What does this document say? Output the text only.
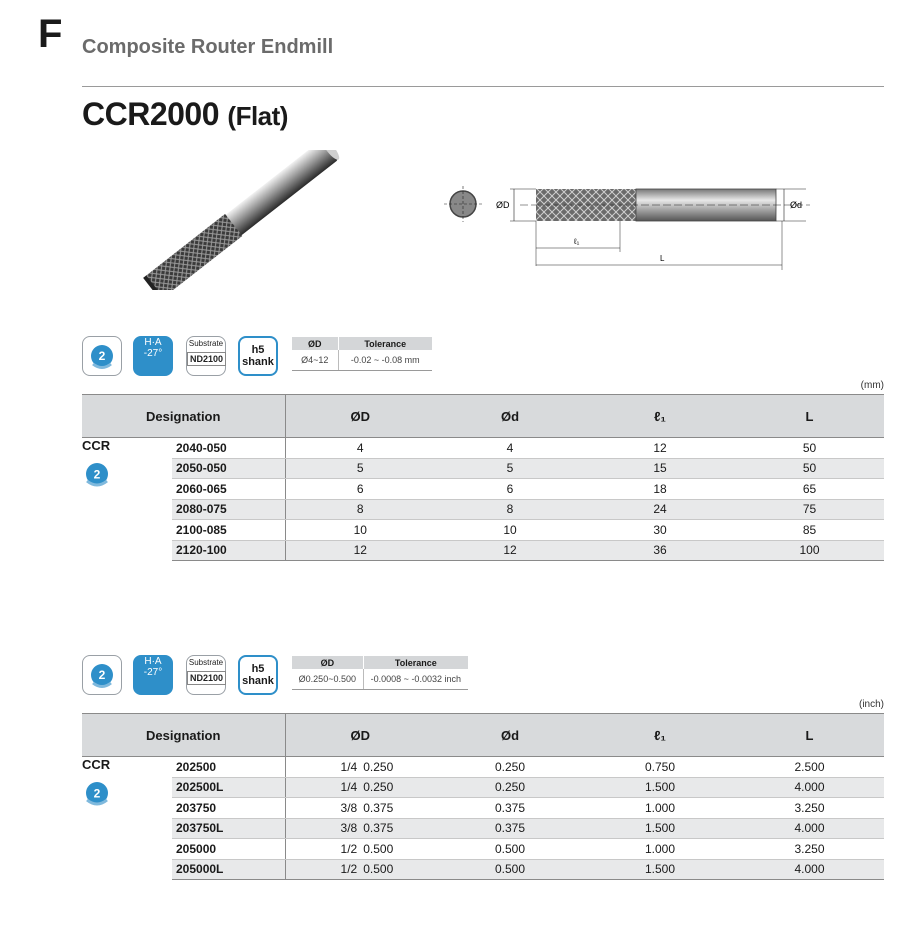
F Composite Router Endmill
CCR2000 (Flat)
ØD	Ød
ℓ₁
L
2
H·A
-27°
Substrate
ND2100
h5
shank
ØD	Tolerance
Ø4~12	-0.02 ~ -0.08 mm
(mm)
Designation		ØD	Ød	ℓ₁	L
CCR
2	2040-050	4	4	12	50
	2050-050	5	5	15	50
	2060-065	6	6	18	65
	2080-075	8	8	24	75
	2100-085	10	10	30	85
	2120-100	12	12	36	100
2
H·A
-27°
Substrate
ND2100
h5
shank
ØD	Tolerance
Ø0.250~0.500	-0.0008 ~ -0.0032 inch
(inch)
Designation		ØD	Ød	ℓ₁	L
CCR
2	202500	1/4 0.250	0.250	0.750	2.500
	202500L	1/4 0.250	0.250	1.500	4.000
	203750	3/8 0.375	0.375	1.000	3.250
	203750L	3/8 0.375	0.375	1.500	4.000
	205000	1/2 0.500	0.500	1.000	3.250
	205000L	1/2 0.500	0.500	1.500	4.000
